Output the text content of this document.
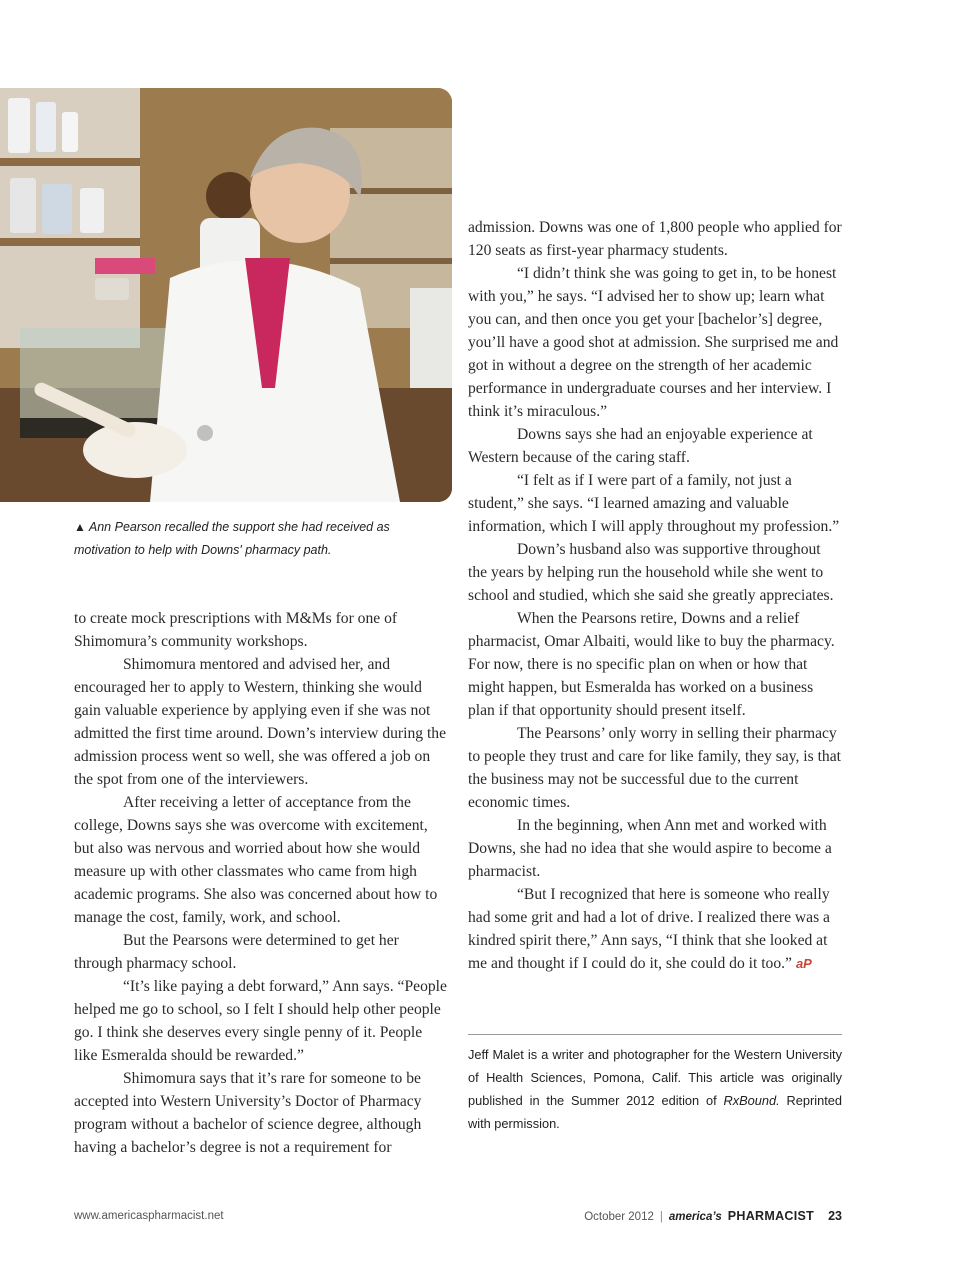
▲ Ann Pearson recalled the support she had received as motivation to help with Downs' pharmacy path.

to create mock prescriptions with M&Ms for one of Shimomura’s community workshops.

Shimomura mentored and advised her, and encouraged her to apply to Western, thinking she would gain valuable experience by applying even if she was not admitted the first time around. Down’s interview during the admission process went so well, she was offered a job on the spot from one of the interviewers.

After receiving a letter of acceptance from the college, Downs says she was overcome with excitement, but also was nervous and worried about how she would measure up with other classmates who came from high academic programs. She also was concerned about how to manage the cost, family, work, and school.

But the Pearsons were determined to get her through pharmacy school.

“It’s like paying a debt forward,” Ann says. “People helped me go to school, so I felt I should help other people go. I think she deserves every single penny of it. People like Esmeralda should be rewarded.”

Shimomura says that it’s rare for someone to be accepted into Western University’s Doctor of Pharmacy program without a bachelor of science degree, although having a bachelor’s degree is not a requirement for

admission. Downs was one of 1,800 people who applied for 120 seats as first-year pharmacy students.

“I didn’t think she was going to get in, to be honest with you,” he says. “I advised her to show up; learn what you can, and then once you get your [bachelor’s] degree, you’ll have a good shot at admission. She surprised me and got in without a degree on the strength of her academic performance in undergraduate courses and her interview. I think it’s miraculous.”

Downs says she had an enjoyable experience at Western because of the caring staff.

“I felt as if I were part of a family, not just a student,” she says. “I learned amazing and valuable information, which I will apply throughout my profession.”

Down’s husband also was supportive throughout the years by helping run the household while she went to school and studied, which she said she greatly appreciates.

When the Pearsons retire, Downs and a relief pharmacist, Omar Albaiti, would like to buy the pharmacy. For now, there is no specific plan on when or how that might happen, but Esmeralda has worked on a business plan if that opportunity should present itself.

The Pearsons’ only worry in selling their pharmacy to people they trust and care for like family, they say, is that the business may not be successful due to the current economic times.

In the beginning, when Ann met and worked with Downs, she had no idea that she would aspire to become a pharmacist.

“But I recognized that here is someone who really had some grit and had a lot of drive. I realized there was a kindred spirit there,” Ann says, “I think that she looked at me and thought if I could do it, she could do it too.” aP

Jeff Malet is a writer and photographer for the Western University of Health Sciences, Pomona, Calif. This article was originally published in the Summer 2012 edition of RxBound. Reprinted with permission.
www.americaspharmacist.net	October 2012 | america’s PHARMACIST 23
